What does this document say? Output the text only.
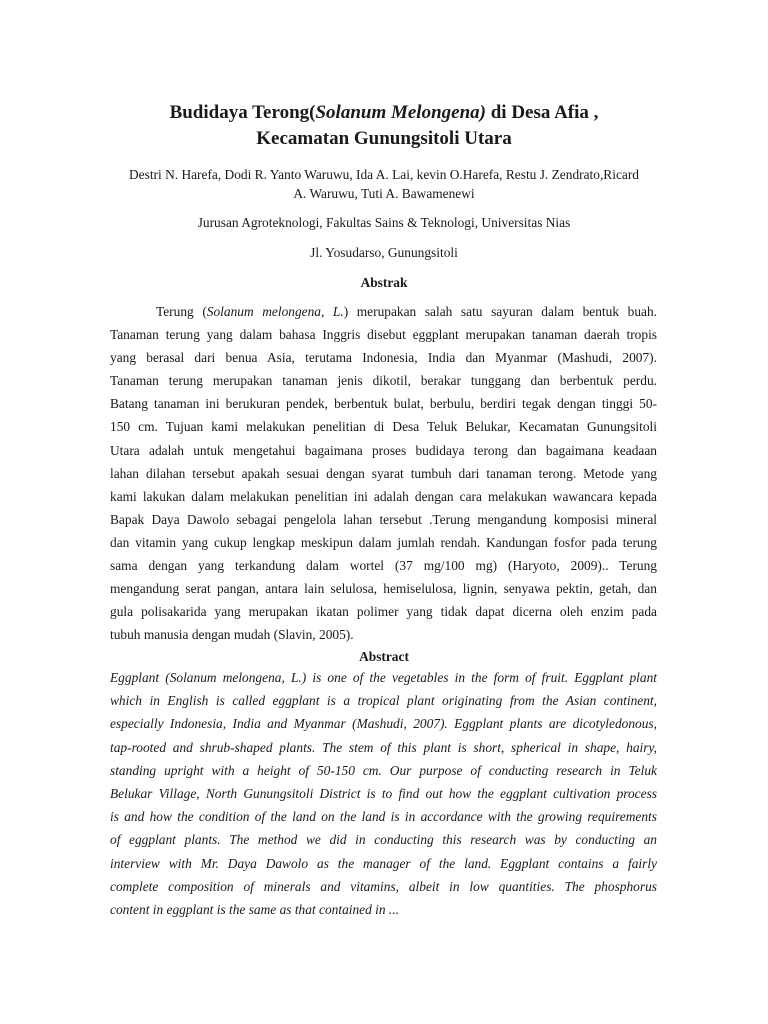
Budidaya Terong(Solanum Melongena) di Desa Afia ,
Kecamatan Gunungsitoli Utara
Destri N. Harefa, Dodi R. Yanto Waruwu, Ida A. Lai, kevin O.Harefa, Restu J. Zendrato,Ricard
A. Waruwu, Tuti A. Bawamenewi
Jurusan Agroteknologi, Fakultas Sains & Teknologi, Universitas Nias
Jl. Yosudarso, Gunungsitoli
Abstrak
Terung (Solanum melongena, L.) merupakan salah satu sayuran dalam bentuk buah.
Tanaman terung yang dalam bahasa Inggris disebut eggplant merupakan tanaman daerah tropis
yang berasal dari benua Asia, terutama Indonesia, India dan Myanmar (Mashudi, 2007).
Tanaman terung merupakan tanaman jenis dikotil, berakar tunggang dan berbentuk perdu.
Batang tanaman ini berukuran pendek, berbentuk bulat, berbulu, berdiri tegak dengan tinggi 50-
150 cm. Tujuan kami melakukan penelitian di Desa Teluk Belukar, Kecamatan Gunungsitoli
Utara adalah untuk mengetahui bagaimana proses budidaya terong dan bagaimana keadaan
lahan dilahan tersebut apakah sesuai dengan syarat tumbuh dari tanaman terong. Metode yang
kami lakukan dalam melakukan penelitian ini adalah dengan cara melakukan wawancara kepada
Bapak Daya Dawolo sebagai pengelola lahan tersebut .Terung mengandung komposisi mineral
dan vitamin yang cukup lengkap meskipun dalam jumlah rendah. Kandungan fosfor pada terung
sama dengan yang terkandung dalam wortel (37 mg/100 mg) (Haryoto, 2009).. Terung
mengandung serat pangan, antara lain selulosa, hemiselulosa, lignin, senyawa pektin, getah, dan
gula polisakarida yang merupakan ikatan polimer yang tidak dapat dicerna oleh enzim pada
tubuh manusia dengan mudah (Slavin, 2005).
Abstract
Eggplant (Solanum melongena, L.) is one of the vegetables in the form of fruit. Eggplant plant
which in English is called eggplant is a tropical plant originating from the Asian continent,
especially Indonesia, India and Myanmar (Mashudi, 2007). Eggplant plants are dicotyledonous,
tap-rooted and shrub-shaped plants. The stem of this plant is short, spherical in shape, hairy,
standing upright with a height of 50-150 cm. Our purpose of conducting research in Teluk
Belukar Village, North Gunungsitoli District is to find out how the eggplant cultivation process
is and how the condition of the land on the land is in accordance with the growing requirements
of eggplant plants. The method we did in conducting this research was by conducting an
interview with Mr. Daya Dawolo as the manager of the land. Eggplant contains a fairly
complete composition of minerals and vitamins, albeit in low quantities. The phosphorus
content in eggplant is the same as that contained in ...
